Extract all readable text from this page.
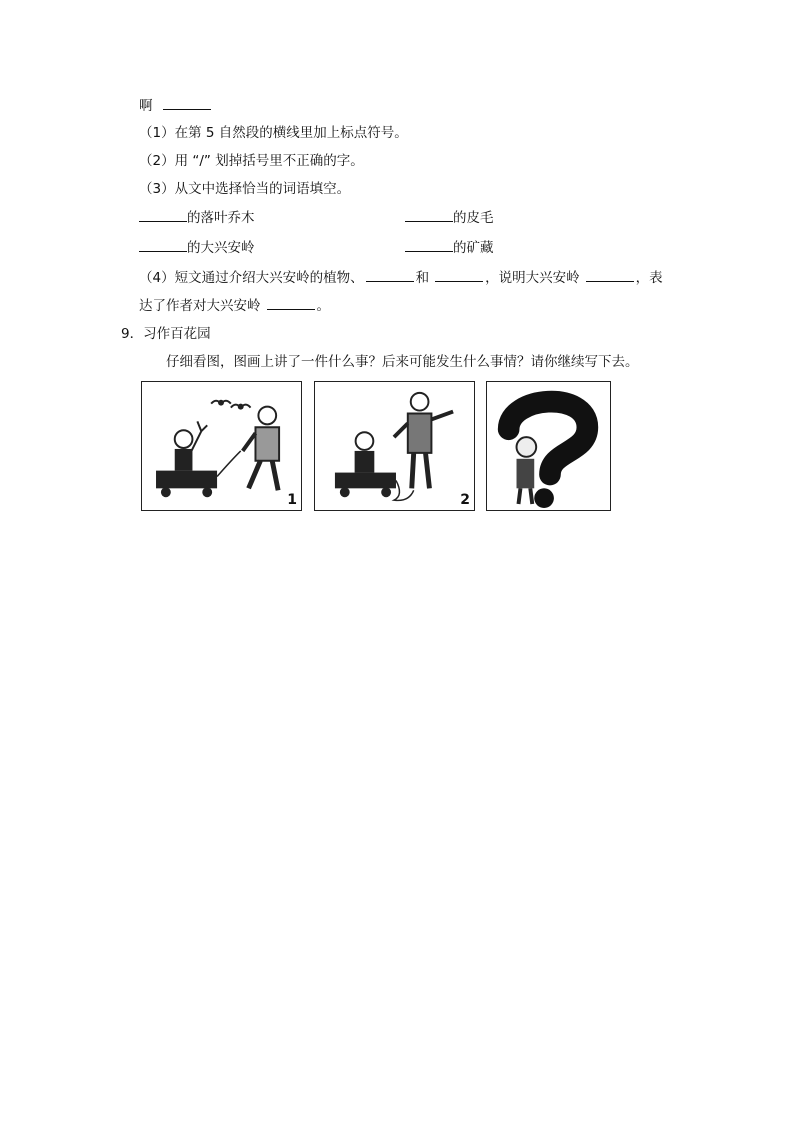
啊
（1）在第 5 自然段的横线里加上标点符号。
（2）用 “/” 划掉括号里不正确的字。
（3）从文中选择恰当的词语填空。
的落叶乔木	的皮毛
的大兴安岭	的矿藏
（4）短文通过介绍大兴安岭的植物、	和	，说明大兴安岭	，表
达了作者对大兴安岭	。
9．习作百花园
仔细看图，图画上讲了一件什么事？后来可能发生什么事情？请你继续写下去。
1	2
